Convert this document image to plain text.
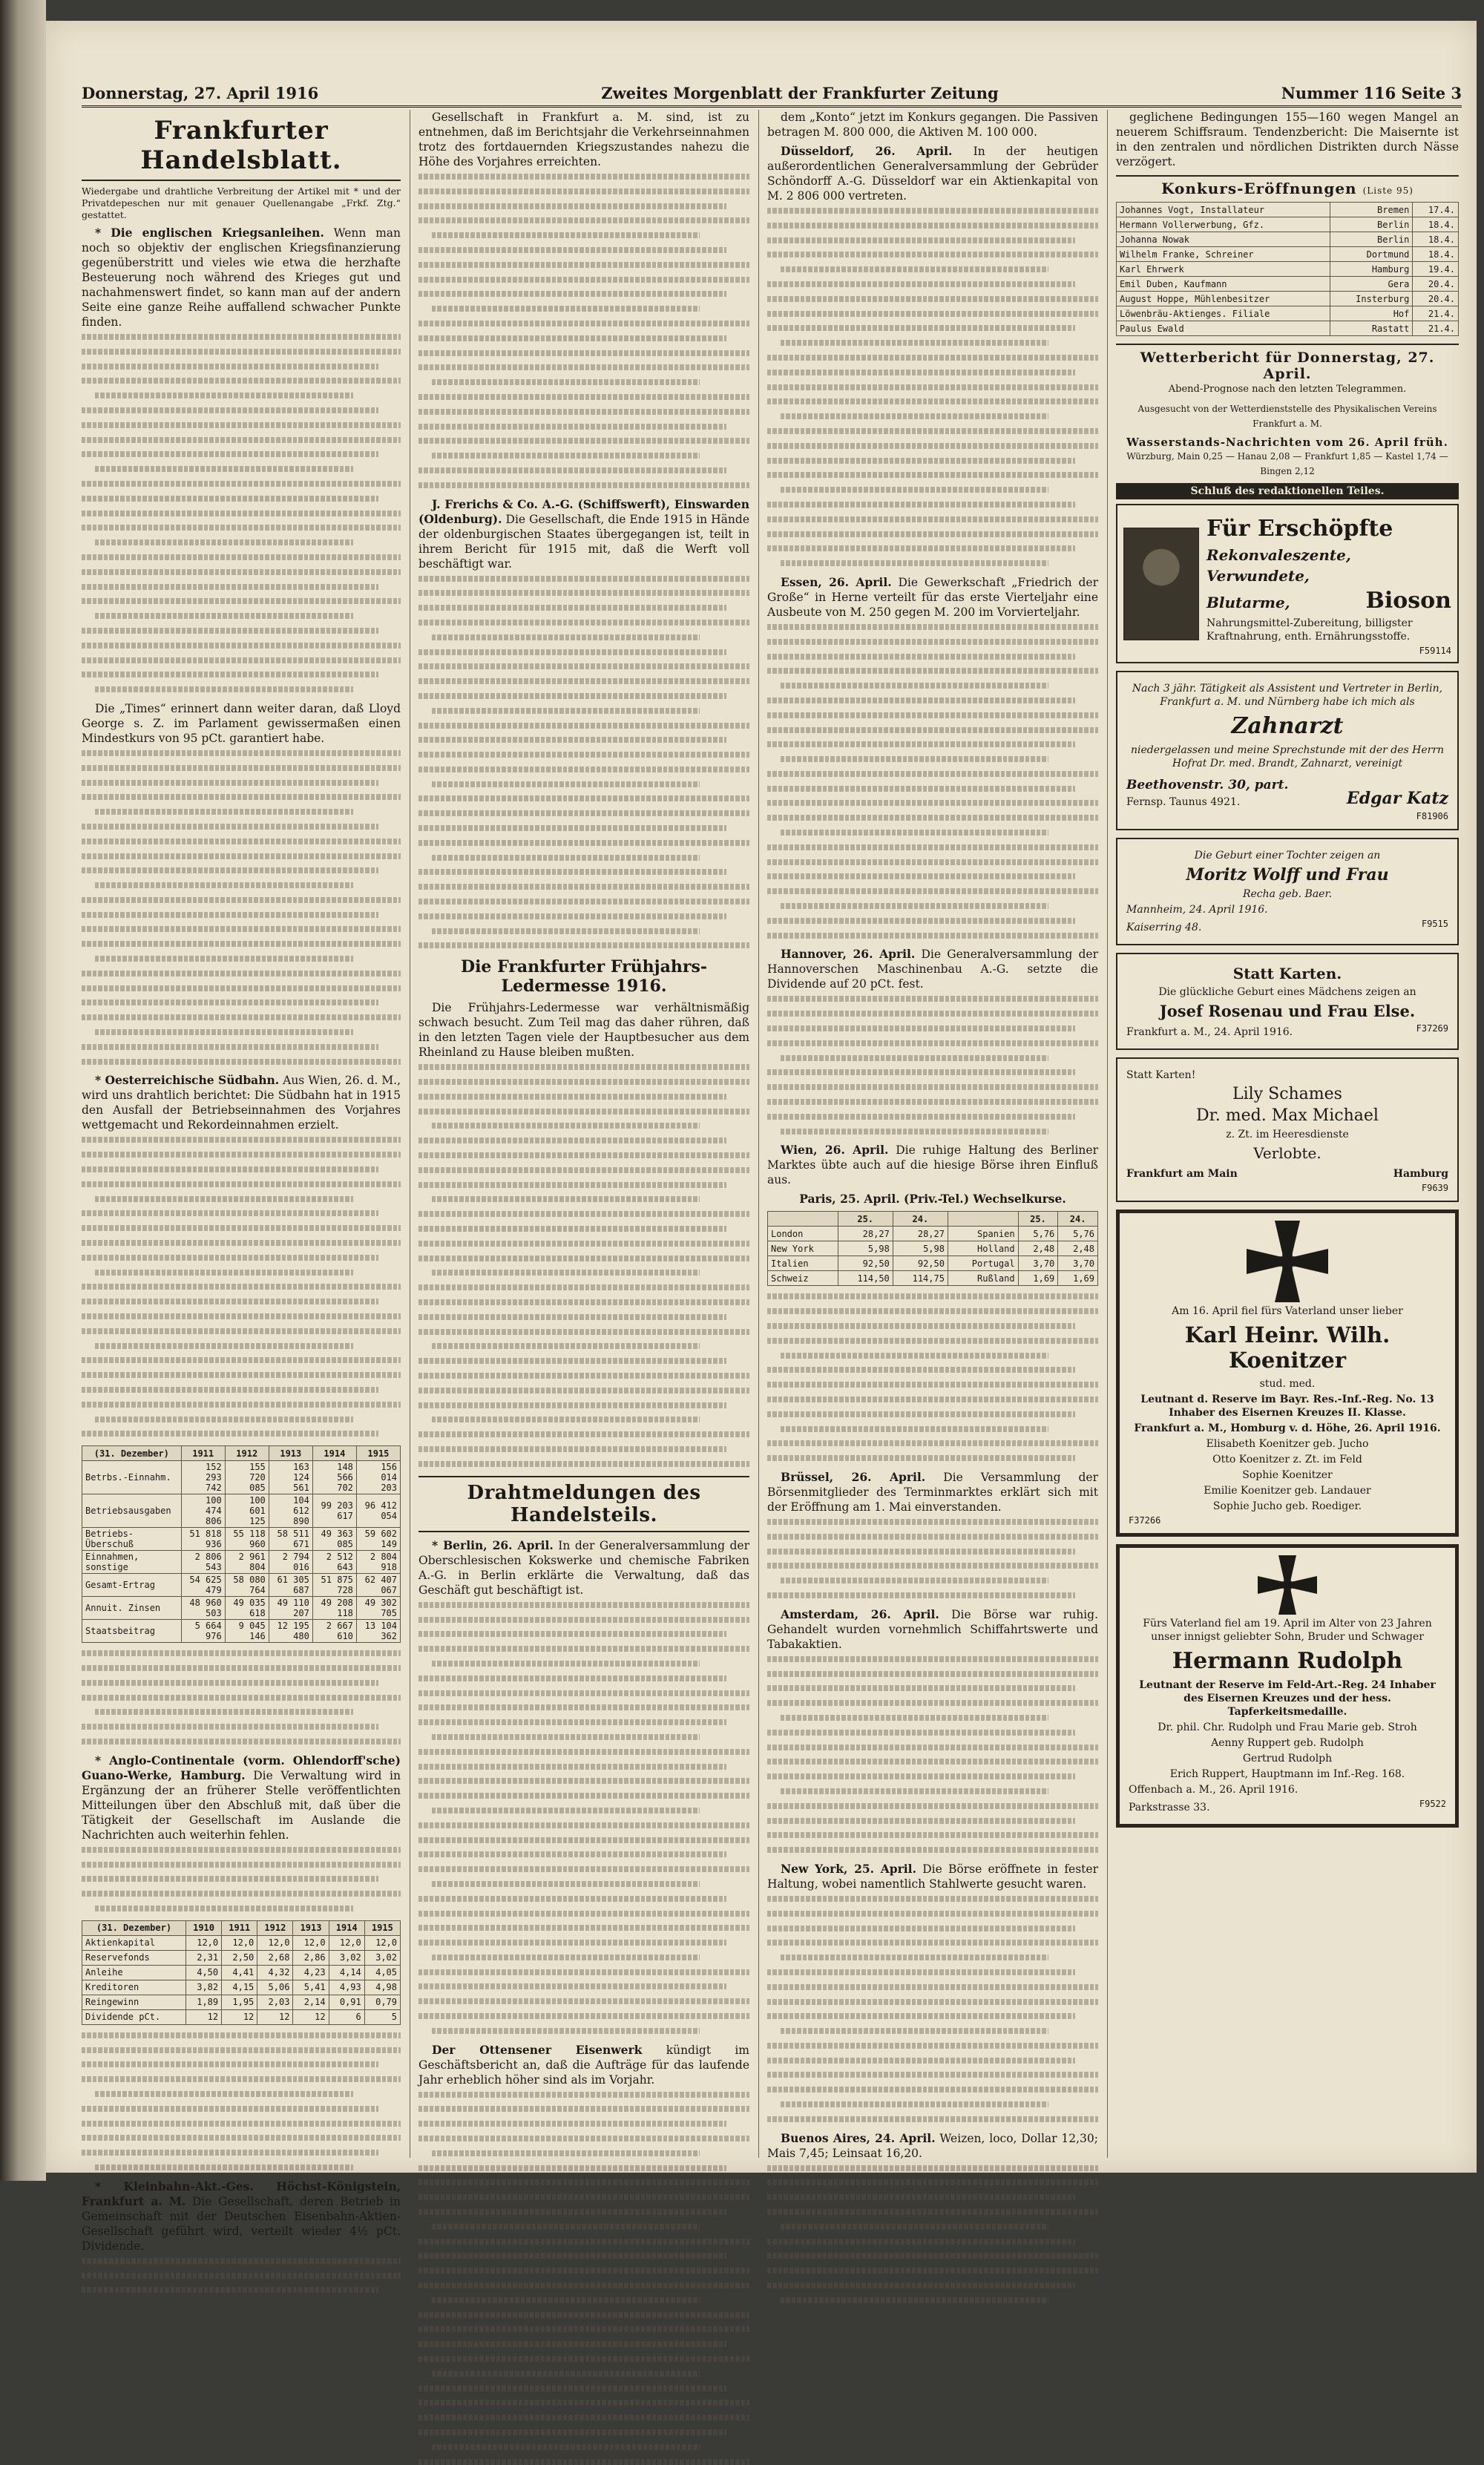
Donnerstag, 27. April 1916	Zweites Morgenblatt der Frankfurter Zeitung	Nummer 116 Seite 3
Frankfurter Handelsblatt.
Wiedergabe und drahtliche Verbreitung der Artikel mit * und der Privatdepeschen nur mit genauer Quellenangabe „Frkf. Ztg.“ gestattet.
* Die englischen Kriegsanleihen. Wenn man noch so objektiv der englischen Kriegsfinanzierung gegenüberstritt und vieles wie etwa die herzhafte Besteuerung noch während des Krieges gut und nachahmenswert findet, so kann man auf der andern Seite eine ganze Reihe auffallend schwacher Punkte finden.
Die „Times“ erinnert dann weiter daran, daß Lloyd George s. Z. im Parlament gewissermaßen einen Mindestkurs von 95 pCt. garantiert habe.
* Oesterreichische Südbahn. Aus Wien, 26. d. M., wird uns drahtlich berichtet: Die Südbahn hat in 1915 den Ausfall der Betriebseinnahmen des Vorjahres wettgemacht und Rekordeinnahmen erzielt.
(31. Dezember)	1911	1912	1913	1914	1915
Betrbs.-Einnahm.	152 293 742	155 720 085	163 124 561	148 566 702	156 014 203
Betriebsausgaben	100 474 806	100 601 125	104 612 890	99 203 617	96 412 054
Betriebs-Überschuß	51 818 936	55 118 960	58 511 671	49 363 085	59 602 149
Einnahmen, sonstige	2 806 543	2 961 804	2 794 016	2 512 643	2 804 918
Gesamt-Ertrag	54 625 479	58 080 764	61 305 687	51 875 728	62 407 067
Annuit. Zinsen	48 960 503	49 035 618	49 110 207	49 208 118	49 302 705
Staatsbeitrag	5 664 976	9 045 146	12 195 480	2 667 610	13 104 362
* Anglo-Continentale (vorm. Ohlendorff'sche) Guano-Werke, Hamburg. Die Verwaltung wird in Ergänzung der an früherer Stelle veröffentlichten Mitteilungen über den Abschluß mit, daß über die Tätigkeit der Gesellschaft im Auslande die Nachrichten auch weiterhin fehlen.
(31. Dezember)	1910	1911	1912	1913	1914	1915
Aktienkapital	12,0	12,0	12,0	12,0	12,0	12,0
Reservefonds	2,31	2,50	2,68	2,86	3,02	3,02
Anleihe	4,50	4,41	4,32	4,23	4,14	4,05
Kreditoren	3,82	4,15	5,06	5,41	4,93	4,98
Reingewinn	1,89	1,95	2,03	2,14	0,91	0,79
Dividende pCt.	12	12	12	12	6	5
* Kleinbahn-Akt.-Ges. Höchst-Königstein, Frankfurt a. M. Die Gesellschaft, deren Betrieb in Gemeinschaft mit der Deutschen Eisenbahn-Aktien-Gesellschaft geführt wird, verteilt wieder 4½ pCt. Dividende.
Gesellschaft in Frankfurt a. M. sind, ist zu entnehmen, daß im Berichtsjahr die Verkehrseinnahmen trotz des fortdauernden Kriegszustandes nahezu die Höhe des Vorjahres erreichten.
J. Frerichs & Co. A.-G. (Schiffswerft), Einswarden (Oldenburg). Die Gesellschaft, die Ende 1915 in Hände der oldenburgischen Staates übergegangen ist, teilt in ihrem Bericht für 1915 mit, daß die Werft voll beschäftigt war.
Die Frankfurter Frühjahrs-Ledermesse 1916.
Die Frühjahrs-Ledermesse war verhältnismäßig schwach besucht. Zum Teil mag das daher rühren, daß in den letzten Tagen viele der Hauptbesucher aus dem Rheinland zu Hause bleiben mußten.
Drahtmeldungen des Handelsteils.
* Berlin, 26. April. In der Generalversammlung der Oberschlesischen Kokswerke und chemische Fabriken A.-G. in Berlin erklärte die Verwaltung, daß das Geschäft gut beschäftigt ist.
Der Ottensener Eisenwerk kündigt im Geschäftsbericht an, daß die Aufträge für das laufende Jahr erheblich höher sind als im Vorjahr.
dem „Konto“ jetzt im Konkurs gegangen. Die Passiven betragen M. 800 000, die Aktiven M. 100 000.
Düsseldorf, 26. April. In der heutigen außerordentlichen Generalversammlung der Gebrüder Schöndorff A.-G. Düsseldorf war ein Aktienkapital von M. 2 806 000 vertreten.
Essen, 26. April. Die Gewerkschaft „Friedrich der Große“ in Herne verteilt für das erste Vierteljahr eine Ausbeute von M. 250 gegen M. 200 im Vorvierteljahr.
Hannover, 26. April. Die Generalversammlung der Hannoverschen Maschinenbau A.-G. setzte die Dividende auf 20 pCt. fest.
Wien, 26. April. Die ruhige Haltung des Berliner Marktes übte auch auf die hiesige Börse ihren Einfluß aus.
Paris, 25. April. (Priv.-Tel.) Wechselkurse.
	25.	24.		25.	24.
London	28,27	28,27	Spanien	5,76	5,76
New York	5,98	5,98	Holland	2,48	2,48
Italien	92,50	92,50	Portugal	3,70	3,70
Schweiz	114,50	114,75	Rußland	1,69	1,69
Brüssel, 26. April. Die Versammlung der Börsenmitglieder des Terminmarktes erklärt sich mit der Eröffnung am 1. Mai einverstanden.
Amsterdam, 26. April. Die Börse war ruhig. Gehandelt wurden vornehmlich Schiffahrtswerte und Tabakaktien.
New York, 25. April. Die Börse eröffnete in fester Haltung, wobei namentlich Stahlwerte gesucht waren.
Buenos Aires, 24. April. Weizen, loco, Dollar 12,30; Mais 7,45; Leinsaat 16,20.
geglichene Bedingungen 155—160 wegen Mangel an neuerem Schiffsraum. Tendenzbericht: Die Maisernte ist in den zentralen und nördlichen Distrikten durch Nässe verzögert.
Konkurs-Eröffnungen (Liste 95)
Johannes Vogt, Installateur	Bremen	17.4.
Hermann Vollerwerbung, Gfz.	Berlin	18.4.
Johanna Nowak	Berlin	18.4.
Wilhelm Franke, Schreiner	Dortmund	18.4.
Karl Ehrwerk	Hamburg	19.4.
Emil Duben, Kaufmann	Gera	20.4.
August Hoppe, Mühlenbesitzer	Insterburg	20.4.
Löwenbräu-Aktienges. Filiale	Hof	21.4.
Paulus Ewald	Rastatt	21.4.
Wetterbericht für Donnerstag, 27. April.
Abend-Prognose nach den letzten Telegrammen.
Ausgesucht von der Wetterdienststelle des Physikalischen Vereins Frankfurt a. M.
Wasserstands-Nachrichten vom 26. April früh.
Würzburg, Main 0,25 — Hanau 2,08 — Frankfurt 1,85 — Kastel 1,74 — Bingen 2,12
Schluß des redaktionellen Teiles.
Für Erschöpfte
Rekonvaleszente,
Verwundete,
Blutarme,	Bioson
Nahrungsmittel-Zubereitung, billigster Kraftnahrung, enth. Ernährungsstoffe.
F59114
Nach 3 jähr. Tätigkeit als Assistent und Vertreter in Berlin, Frankfurt a. M. und Nürnberg habe ich mich als
Zahnarzt
niedergelassen und meine Sprechstunde mit der des Herrn Hofrat Dr. med. Brandt, Zahnarzt, vereinigt
Beethovenstr. 30, part.
Fernsp. Taunus 4921.	Edgar Katz
F81906
Die Geburt einer Tochter zeigen an
Moritz Wolff und Frau
Recha geb. Baer.
Mannheim, 24. April 1916.
Kaiserring 48.	F9515
Statt Karten.
Die glückliche Geburt eines Mädchens zeigen an
Josef Rosenau und Frau Else.
Frankfurt a. M., 24. April 1916.	F37269
Statt Karten!
Lily Schames
Dr. med. Max Michael
z. Zt. im Heeresdienste
Verlobte.
Frankfurt am Main	Hamburg
F9639
Am 16. April fiel fürs Vaterland unser lieber
Karl Heinr. Wilh. Koenitzer
stud. med.
Leutnant d. Reserve im Bayr. Res.-Inf.-Reg. No. 13 Inhaber des Eisernen Kreuzes II. Klasse.
Frankfurt a. M., Homburg v. d. Höhe, 26. April 1916.
Elisabeth Koenitzer geb. Jucho
Otto Koenitzer z. Zt. im Feld
Sophie Koenitzer
Emilie Koenitzer geb. Landauer
Sophie Jucho geb. Roediger.
F37266
Fürs Vaterland fiel am 19. April im Alter von 23 Jahren unser innigst geliebter Sohn, Bruder und Schwager
Hermann Rudolph
Leutnant der Reserve im Feld-Art.-Reg. 24 Inhaber des Eisernen Kreuzes und der hess. Tapferkeitsmedaille.
Dr. phil. Chr. Rudolph und Frau Marie geb. Stroh
Aenny Ruppert geb. Rudolph
Gertrud Rudolph
Erich Ruppert, Hauptmann im Inf.-Reg. 168.
Offenbach a. M., 26. April 1916.
Parkstrasse 33.	F9522
